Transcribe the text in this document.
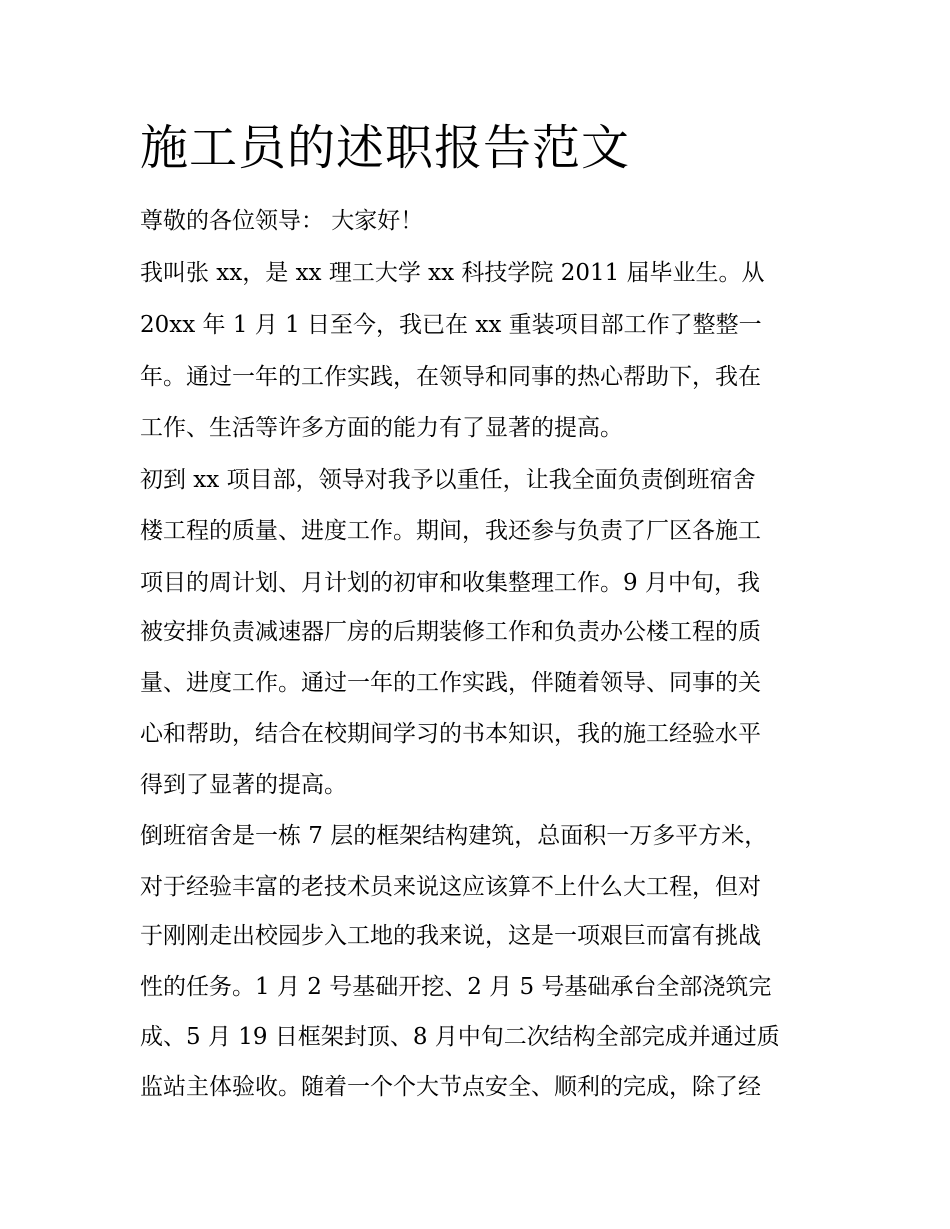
施工员的述职报告范文

尊敬的各位领导： 大家好！

我叫张 xx，是 xx 理工大学 xx 科技学院 2011 届毕业生。从

20xx 年 1 月 1 日至今，我已在 xx 重装项目部工作了整整一

年。通过一年的工作实践，在领导和同事的热心帮助下，我在

工作、生活等许多方面的能力有了显著的提高。

初到 xx 项目部，领导对我予以重任，让我全面负责倒班宿舍

楼工程的质量、进度工作。期间，我还参与负责了厂区各施工

项目的周计划、月计划的初审和收集整理工作。9 月中旬，我

被安排负责减速器厂房的后期装修工作和负责办公楼工程的质

量、进度工作。通过一年的工作实践，伴随着领导、同事的关

心和帮助，结合在校期间学习的书本知识，我的施工经验水平

得到了显著的提高。

倒班宿舍是一栋 7 层的框架结构建筑，总面积一万多平方米，

对于经验丰富的老技术员来说这应该算不上什么大工程，但对

于刚刚走出校园步入工地的我来说，这是一项艰巨而富有挑战

性的任务。1 月 2 号基础开挖、2 月 5 号基础承台全部浇筑完

成、5 月 19 日框架封顶、8 月中旬二次结构全部完成并通过质

监站主体验收。随着一个个大节点安全、顺利的完成，除了经
